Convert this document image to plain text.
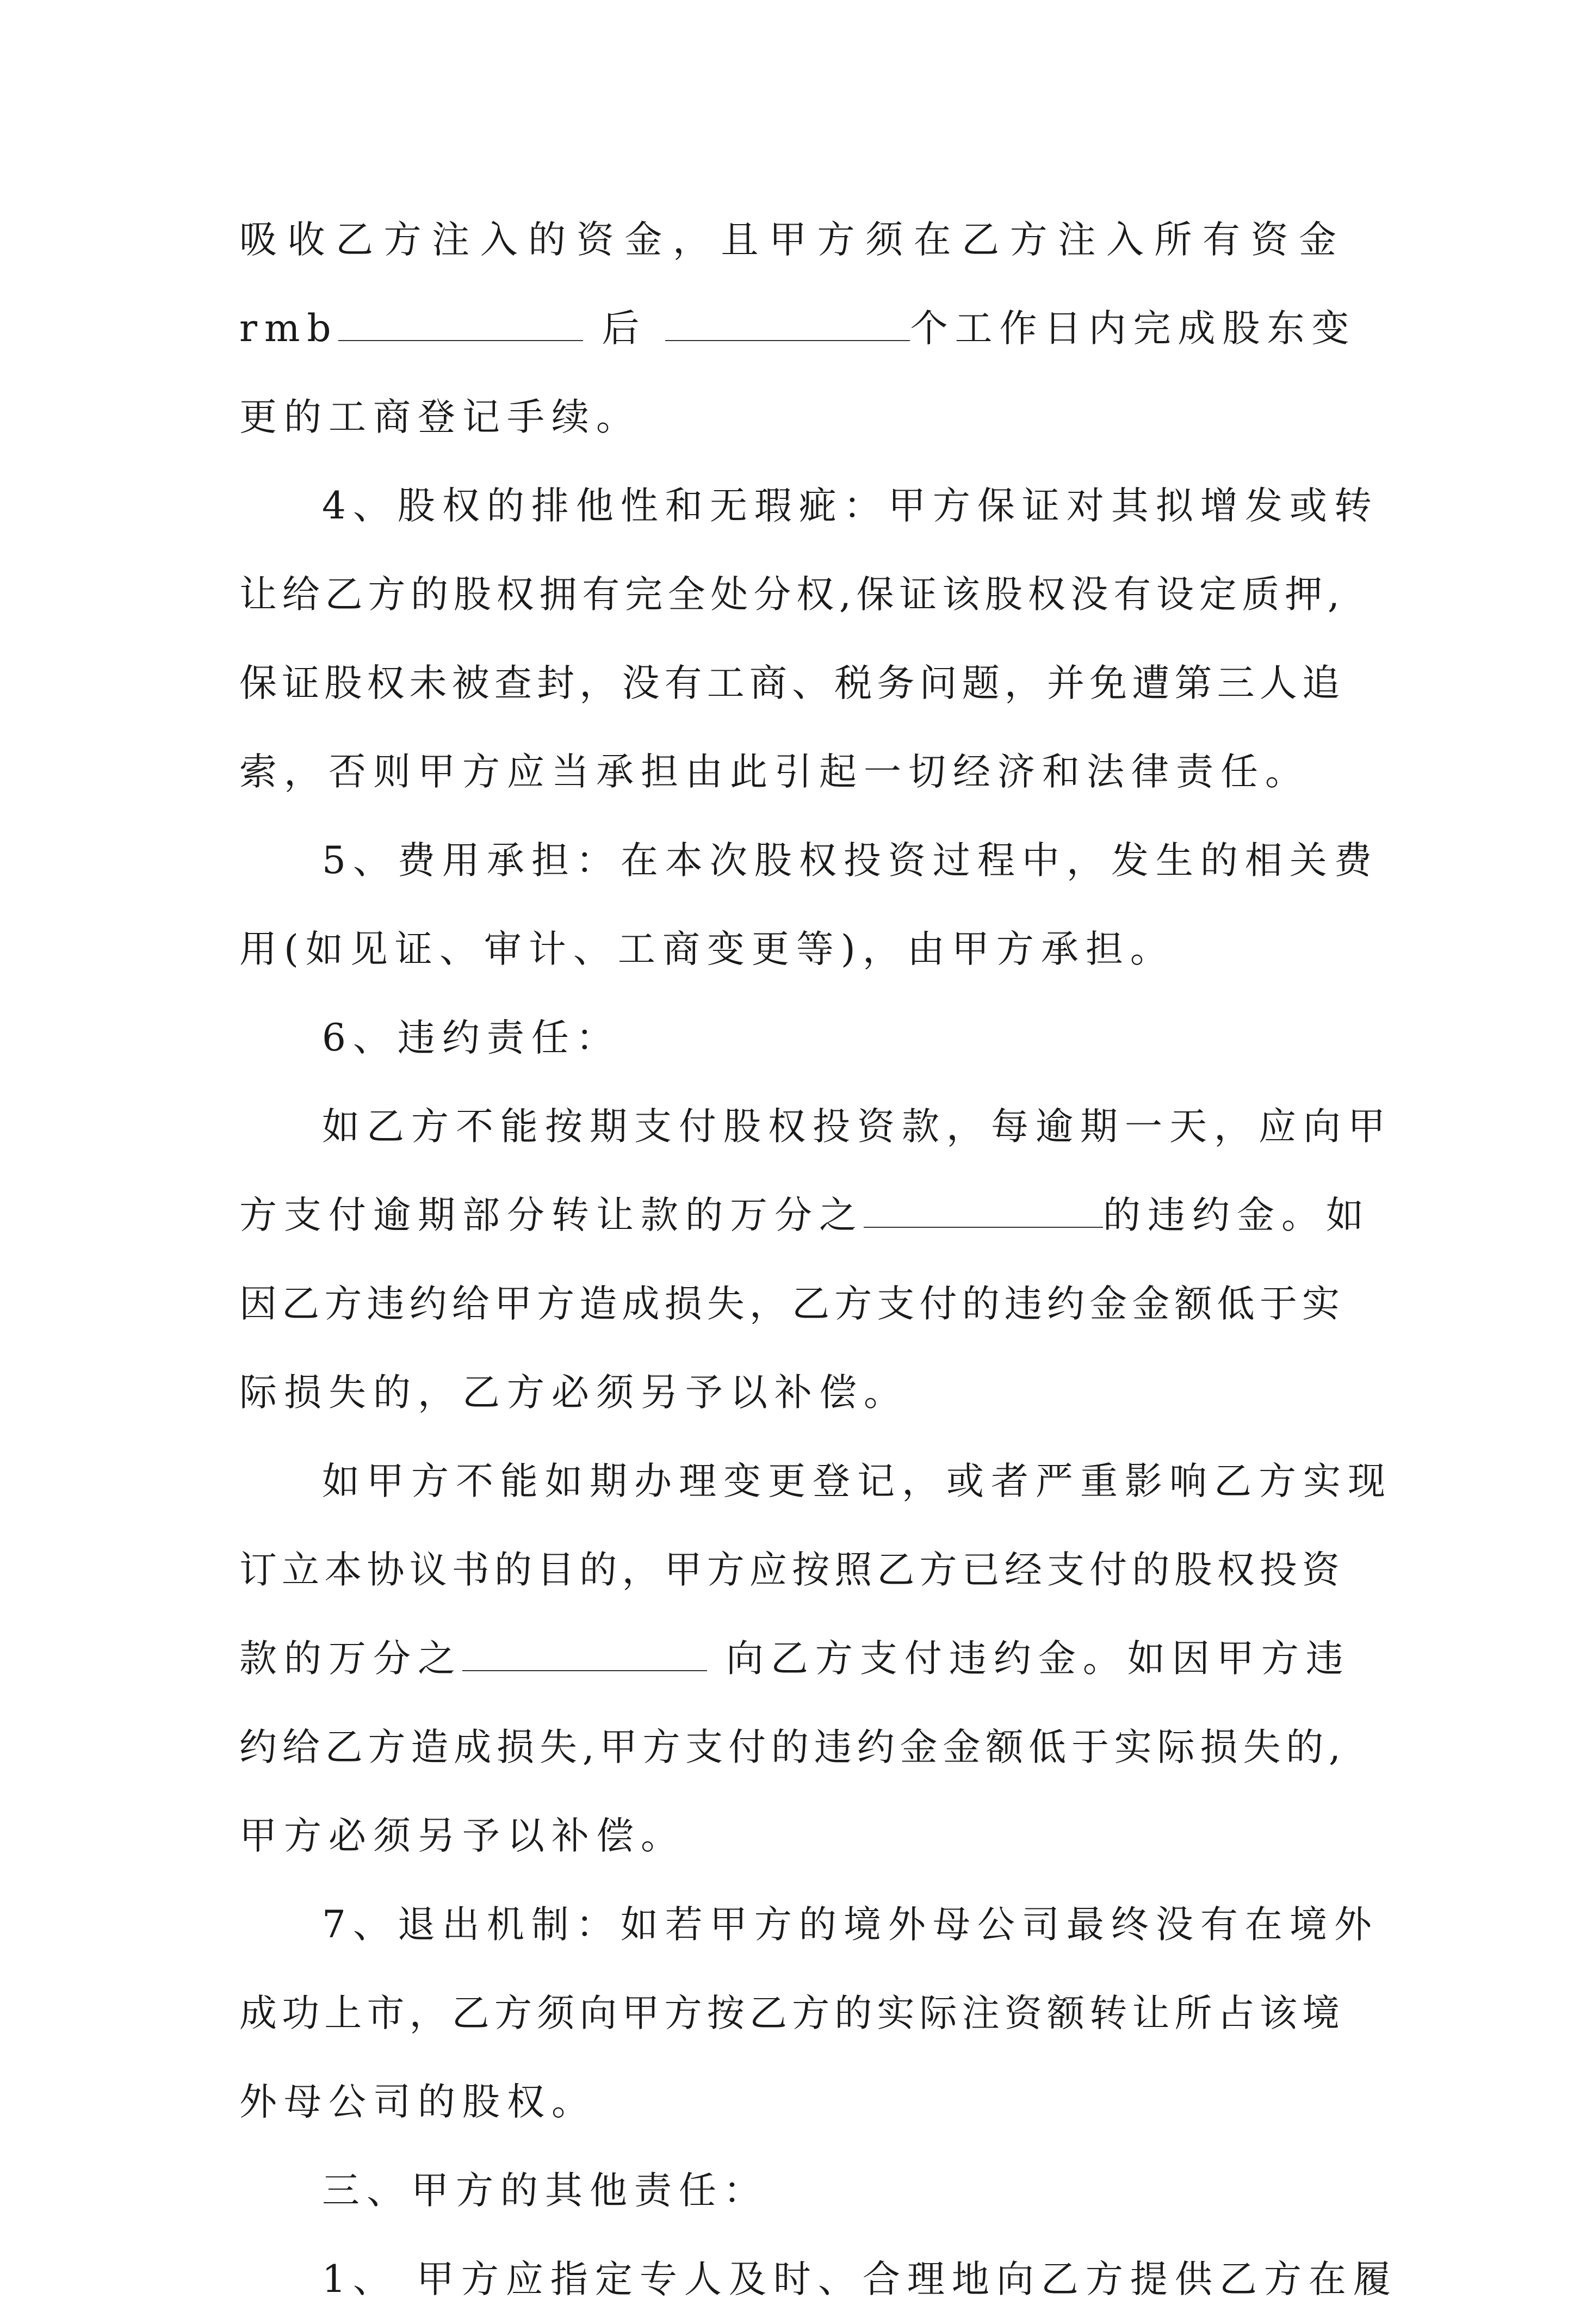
吸收乙方注入的资金，且甲方须在乙方注入所有资金
rmb	后	个工作日内完成股东变
更的工商登记手续。
4、股权的排他性和无瑕疵：甲方保证对其拟增发或转
让给乙方的股权拥有完全处分权,保证该股权没有设定质押,
保证股权未被查封，没有工商、税务问题，并免遭第三人追
索，否则甲方应当承担由此引起一切经济和法律责任。
5、费用承担：在本次股权投资过程中，发生的相关费
用(如见证、审计、工商变更等)，由甲方承担。
6、违约责任：
如乙方不能按期支付股权投资款，每逾期一天，应向甲
方支付逾期部分转让款的万分之	的违约金。如
因乙方违约给甲方造成损失，乙方支付的违约金金额低于实
际损失的，乙方必须另予以补偿。
如甲方不能如期办理变更登记，或者严重影响乙方实现
订立本协议书的目的，甲方应按照乙方已经支付的股权投资
款的万分之	向乙方支付违约金。如因甲方违
约给乙方造成损失,甲方支付的违约金金额低于实际损失的,
甲方必须另予以补偿。
7、退出机制：如若甲方的境外母公司最终没有在境外
成功上市，乙方须向甲方按乙方的实际注资额转让所占该境
外母公司的股权。
三、甲方的其他责任：
1、 甲方应指定专人及时、合理地向乙方提供乙方在履
